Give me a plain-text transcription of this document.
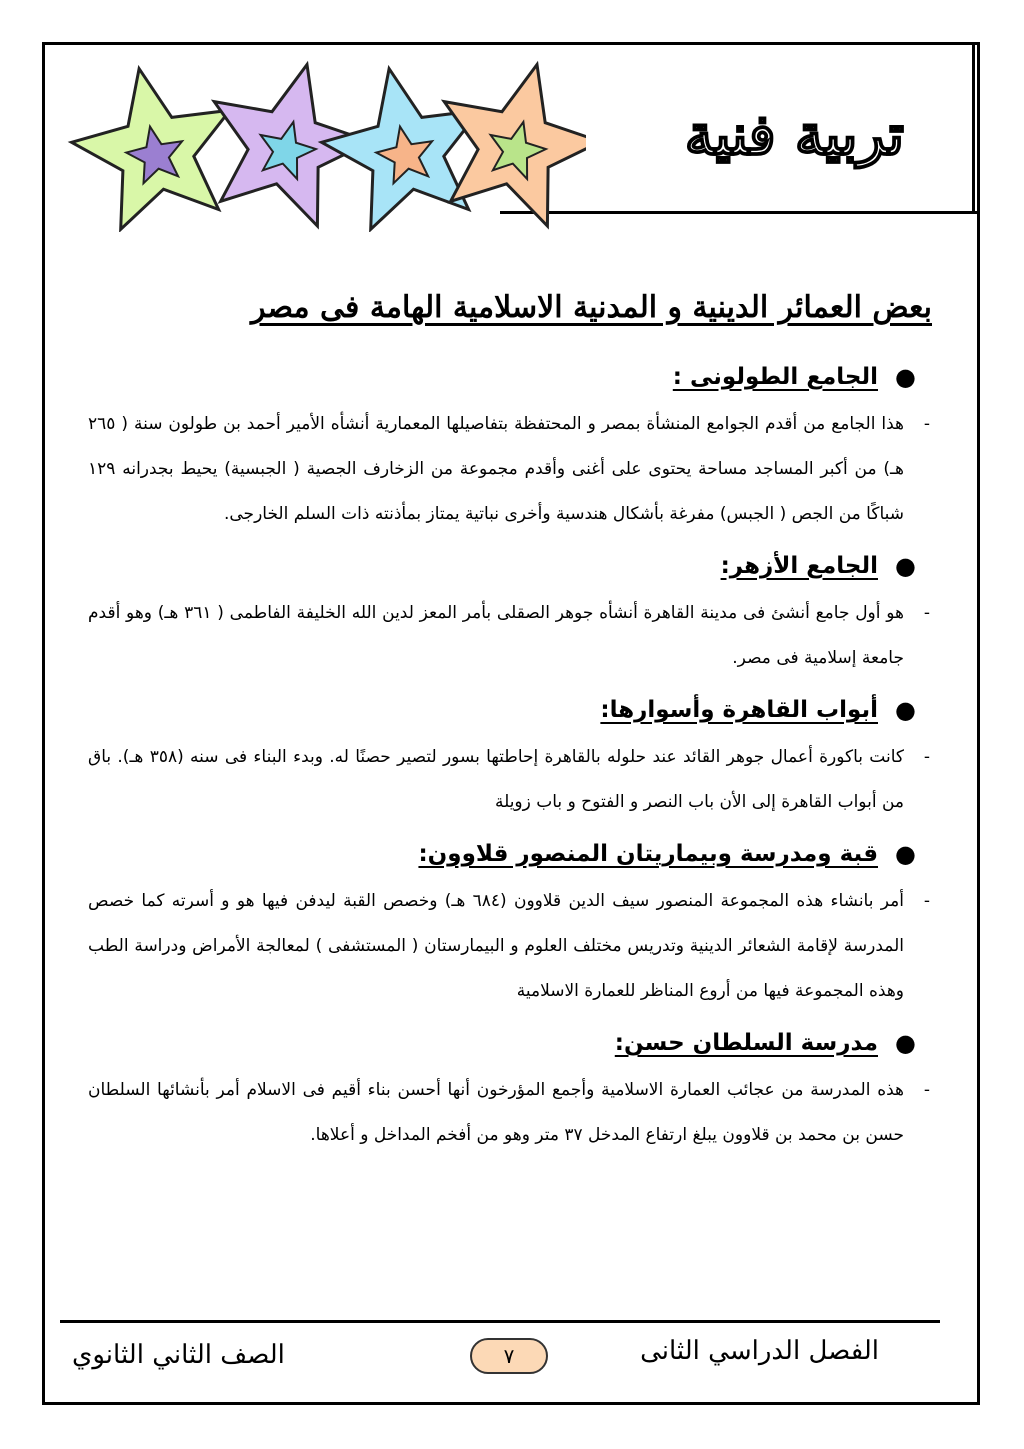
تربية فنية
بعض العمائر الدينية و المدنية الاسلامية الهامة فى مصر
●
الجامع الطولونى :

-
هذا الجامع من أقدم الجوامع المنشأة بمصر و المحتفظة بتفاصيلها المعمارية أنشأه الأمير أحمد بن طولون سنة ( ٢٦٥ هـ) من أكبر المساجد مساحة يحتوى على أغنى وأقدم مجموعة من الزخارف الجصية ( الجبسية) يحيط بجدرانه ١٢٩ شباكًا من الجص ( الجبس) مفرغة بأشكال هندسية وأخرى نباتية يمتاز بمأذنته ذات السلم الخارجى.

●
الجامع الأزهر:

-
هو أول جامع أنشئ فى مدينة القاهرة أنشأه جوهر الصقلى بأمر المعز لدين الله الخليفة الفاطمى ( ٣٦١ هـ) وهو أقدم جامعة إسلامية فى مصر.

●
أبواب القاهرة وأسوارها:

-
كانت باكورة أعمال جوهر القائد عند حلوله بالقاهرة إحاطتها بسور لتصير حصنًا له. وبدء البناء فى سنه (٣٥٨ هـ). باق من أبواب القاهرة إلى الأن باب النصر و الفتوح و باب زويلة

●
قبة ومدرسة وبيماريتان المنصور قلاوون:

-
أمر بانشاء هذه المجموعة المنصور سيف الدين قلاوون (٦٨٤ هـ) وخصص القبة ليدفن فيها هو و أسرته كما خصص المدرسة لإقامة الشعائر الدينية وتدريس مختلف العلوم و البيمارستان ( المستشفى ) لمعالجة الأمراض ودراسة الطب وهذه المجموعة فيها من أروع المناظر للعمارة الاسلامية

●
مدرسة السلطان حسن:

-
هذه المدرسة من عجائب العمارة الاسلامية وأجمع المؤرخون أنها أحسن بناء أقيم فى الاسلام أمر بأنشائها السلطان حسن بن محمد بن قلاوون يبلغ ارتفاع المدخل ٣٧ متر وهو من أفخم المداخل و أعلاها.

الصف الثاني الثانوي	٧	الفصل الدراسي الثانى
